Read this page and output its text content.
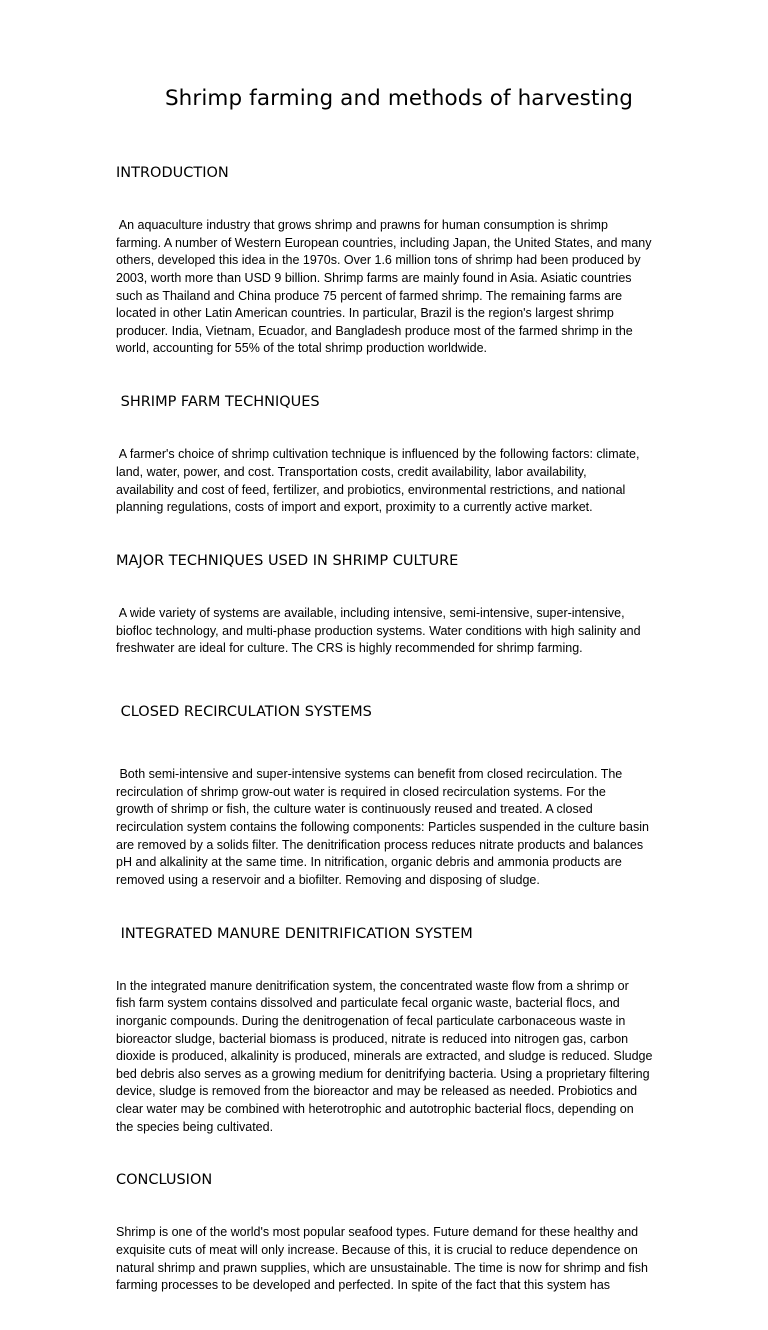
Shrimp farming and methods of harvesting
INTRODUCTION

An aquaculture industry that grows shrimp and prawns for human consumption is shrimp
farming. A number of Western European countries, including Japan, the United States, and many
others, developed this idea in the 1970s. Over 1.6 million tons of shrimp had been produced by
2003, worth more than USD 9 billion. Shrimp farms are mainly found in Asia. Asiatic countries
such as Thailand and China produce 75 percent of farmed shrimp. The remaining farms are
located in other Latin American countries. In particular, Brazil is the region's largest shrimp
producer. India, Vietnam, Ecuador, and Bangladesh produce most of the farmed shrimp in the
world, accounting for 55% of the total shrimp production worldwide.

SHRIMP FARM TECHNIQUES

A farmer's choice of shrimp cultivation technique is influenced by the following factors: climate,
land, water, power, and cost. Transportation costs, credit availability, labor availability,
availability and cost of feed, fertilizer, and probiotics, environmental restrictions, and national
planning regulations, costs of import and export, proximity to a currently active market.

MAJOR TECHNIQUES USED IN SHRIMP CULTURE

A wide variety of systems are available, including intensive, semi-intensive, super-intensive,
biofloc technology, and multi-phase production systems. Water conditions with high salinity and
freshwater are ideal for culture. The CRS is highly recommended for shrimp farming.

CLOSED RECIRCULATION SYSTEMS

Both semi-intensive and super-intensive systems can benefit from closed recirculation. The
recirculation of shrimp grow-out water is required in closed recirculation systems. For the
growth of shrimp or fish, the culture water is continuously reused and treated. A closed
recirculation system contains the following components: Particles suspended in the culture basin
are removed by a solids filter. The denitrification process reduces nitrate products and balances
pH and alkalinity at the same time. In nitrification, organic debris and ammonia products are
removed using a reservoir and a biofilter. Removing and disposing of sludge.

INTEGRATED MANURE DENITRIFICATION SYSTEM

In the integrated manure denitrification system, the concentrated waste flow from a shrimp or
fish farm system contains dissolved and particulate fecal organic waste, bacterial flocs, and
inorganic compounds. During the denitrogenation of fecal particulate carbonaceous waste in
bioreactor sludge, bacterial biomass is produced, nitrate is reduced into nitrogen gas, carbon
dioxide is produced, alkalinity is produced, minerals are extracted, and sludge is reduced. Sludge
bed debris also serves as a growing medium for denitrifying bacteria. Using a proprietary filtering
device, sludge is removed from the bioreactor and may be released as needed. Probiotics and
clear water may be combined with heterotrophic and autotrophic bacterial flocs, depending on
the species being cultivated.

CONCLUSION

Shrimp is one of the world's most popular seafood types. Future demand for these healthy and
exquisite cuts of meat will only increase. Because of this, it is crucial to reduce dependence on
natural shrimp and prawn supplies, which are unsustainable. The time is now for shrimp and fish
farming processes to be developed and perfected. In spite of the fact that this system has
